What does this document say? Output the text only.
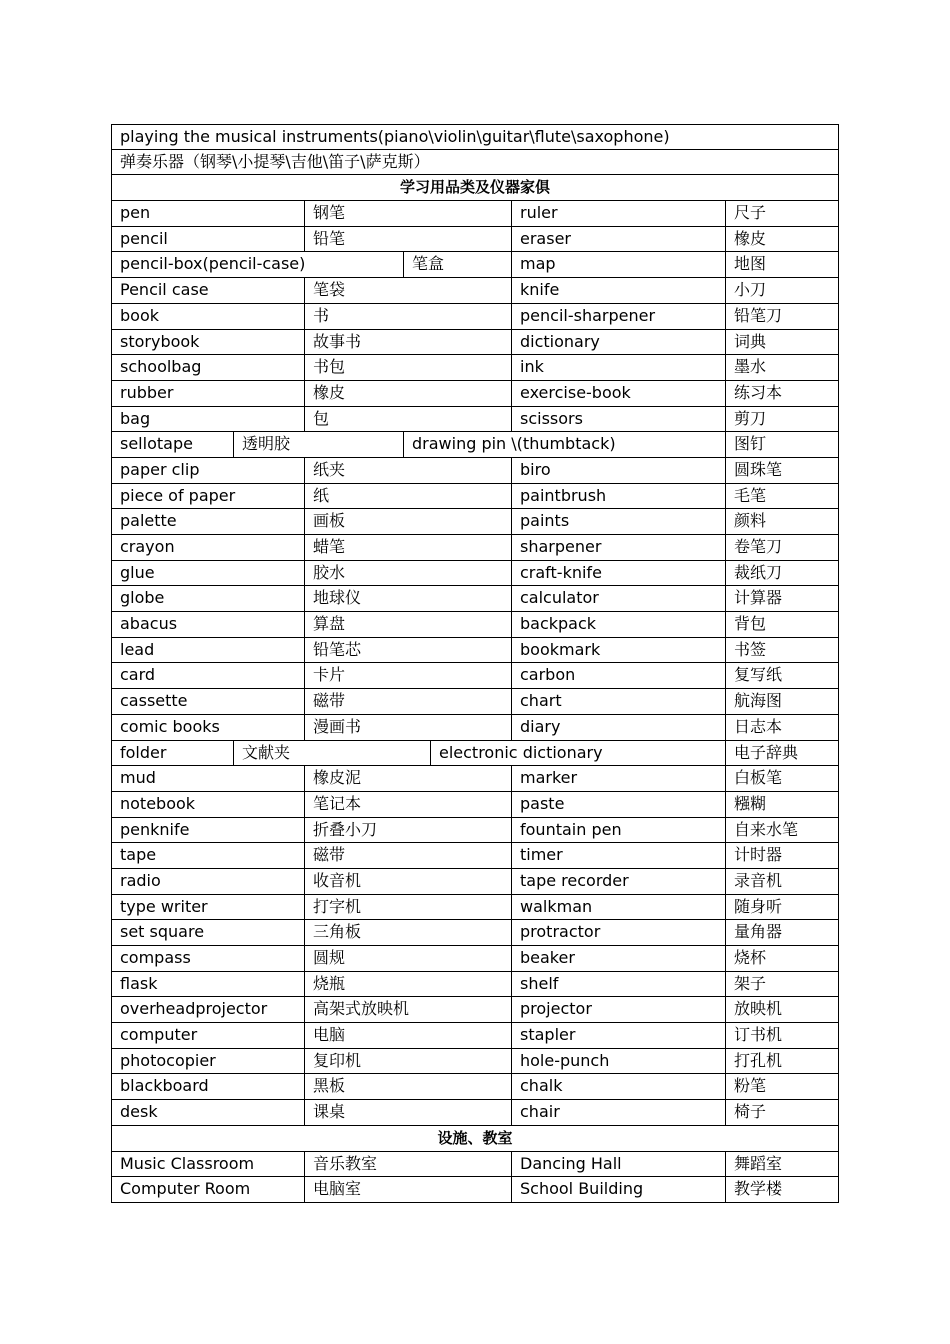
playing the musical instruments(piano\violin\guitar\flute\saxophone)
弹奏乐器（钢琴\小提琴\吉他\笛子\萨克斯）
学习用品类及仪器家俱
pen	钢笔	ruler	尺子
pencil	铅笔	eraser	橡皮
pencil-box(pencil-case)	笔盒	map	地图
Pencil case	笔袋	knife	小刀
book	书	pencil-sharpener	铅笔刀
storybook	故事书	dictionary	词典
schoolbag	书包	ink	墨水
rubber	橡皮	exercise-book	练习本
bag	包	scissors	剪刀
sellotape	透明胶	drawing pin \(thumbtack)	图钉
paper clip	纸夹	biro	圆珠笔
piece of paper	纸	paintbrush	毛笔
palette	画板	paints	颜料
crayon	蜡笔	sharpener	卷笔刀
glue	胶水	craft-knife	裁纸刀
globe	地球仪	calculator	计算器
abacus	算盘	backpack	背包
lead	铅笔芯	bookmark	书签
card	卡片	carbon	复写纸
cassette	磁带	chart	航海图
comic books	漫画书	diary	日志本
folder	文献夹	electronic dictionary	电子辞典
mud	橡皮泥	marker	白板笔
notebook	笔记本	paste	糨糊
penknife	折叠小刀	fountain pen	自来水笔
tape	磁带	timer	计时器
radio	收音机	tape recorder	录音机
type writer	打字机	walkman	随身听
set square	三角板	protractor	量角器
compass	圆规	beaker	烧杯
flask	烧瓶	shelf	架子
overheadprojector	高架式放映机	projector	放映机
computer	电脑	stapler	订书机
photocopier	复印机	hole-punch	打孔机
blackboard	黑板	chalk	粉笔
desk	课桌	chair	椅子
设施、教室
Music Classroom	音乐教室	Dancing Hall	舞蹈室
Computer Room	电脑室	School Building	教学楼
